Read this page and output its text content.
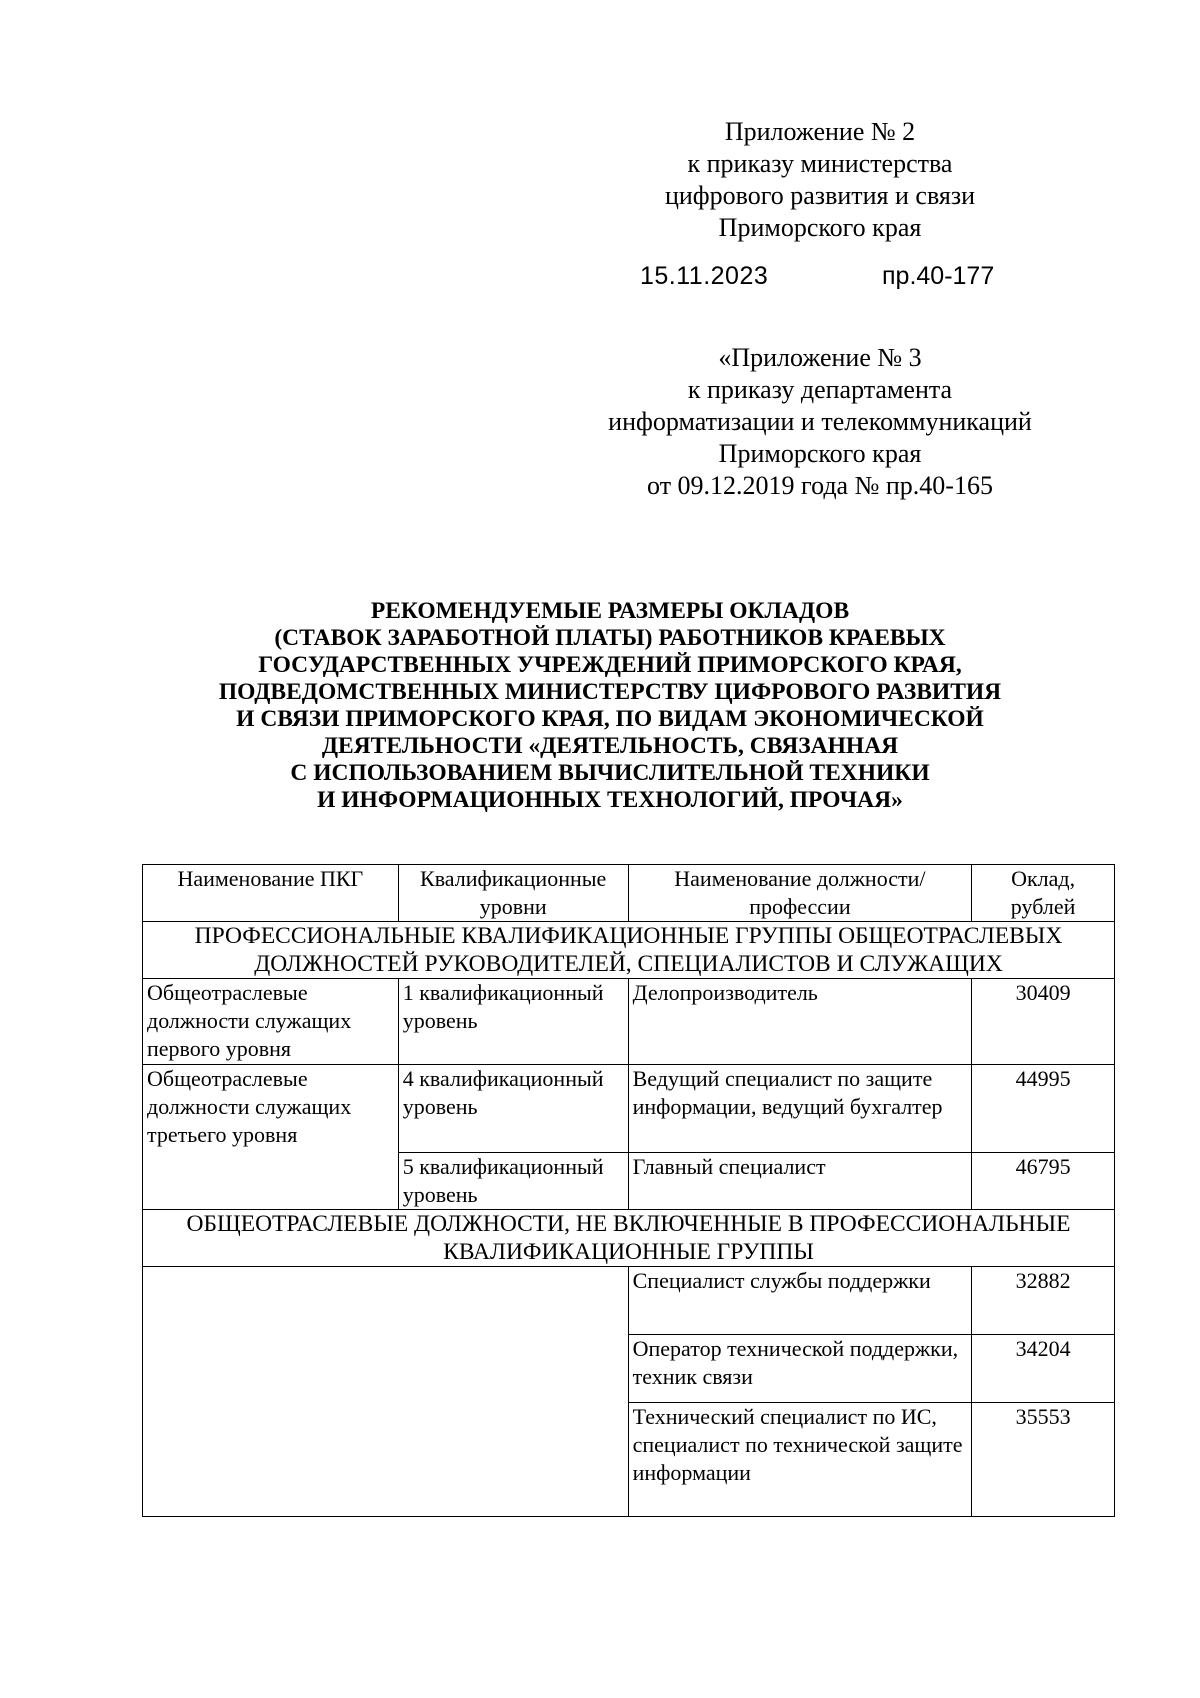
Приложение № 2
к приказу министерства
цифрового развития и связи
Приморского края
15.11.2023	пр.40-177
«Приложение № 3
к приказу департамента
информатизации и телекоммуникаций
Приморского края
от 09.12.2019 года № пр.40-165
РЕКОМЕНДУЕМЫЕ РАЗМЕРЫ ОКЛАДОВ
(СТАВОК ЗАРАБОТНОЙ ПЛАТЫ) РАБОТНИКОВ КРАЕВЫХ
ГОСУДАРСТВЕННЫХ УЧРЕЖДЕНИЙ ПРИМОРСКОГО КРАЯ,
ПОДВЕДОМСТВЕННЫХ МИНИСТЕРСТВУ ЦИФРОВОГО РАЗВИТИЯ
И СВЯЗИ ПРИМОРСКОГО КРАЯ, ПО ВИДАМ ЭКОНОМИЧЕСКОЙ
ДЕЯТЕЛЬНОСТИ «ДЕЯТЕЛЬНОСТЬ, СВЯЗАННАЯ
С ИСПОЛЬЗОВАНИЕМ ВЫЧИСЛИТЕЛЬНОЙ ТЕХНИКИ
И ИНФОРМАЦИОННЫХ ТЕХНОЛОГИЙ, ПРОЧАЯ»
Наименование ПКГ	Квалификационные уровни	Наименование должности/профессии	Оклад, рублей
ПРОФЕССИОНАЛЬНЫЕ КВАЛИФИКАЦИОННЫЕ ГРУППЫ ОБЩЕОТРАСЛЕВЫХ ДОЛЖНОСТЕЙ РУКОВОДИТЕЛЕЙ, СПЕЦИАЛИСТОВ И СЛУЖАЩИХ			
Общеотраслевые должности служащих первого уровня	1 квалификационный уровень	Делопроизводитель	30409
Общеотраслевые должности служащих третьего уровня	4 квалификационный уровень	Ведущий специалист по защите информации, ведущий бухгалтер	44995
	5 квалификационный уровень	Главный специалист	46795
ОБЩЕОТРАСЛЕВЫЕ ДОЛЖНОСТИ, НЕ ВКЛЮЧЕННЫЕ В ПРОФЕССИОНАЛЬНЫЕ КВАЛИФИКАЦИОННЫЕ ГРУППЫ			
		Специалист службы поддержки	32882
		Оператор технической поддержки, техник связи	34204
		Технический специалист по ИС, специалист по технической защите информации	35553
